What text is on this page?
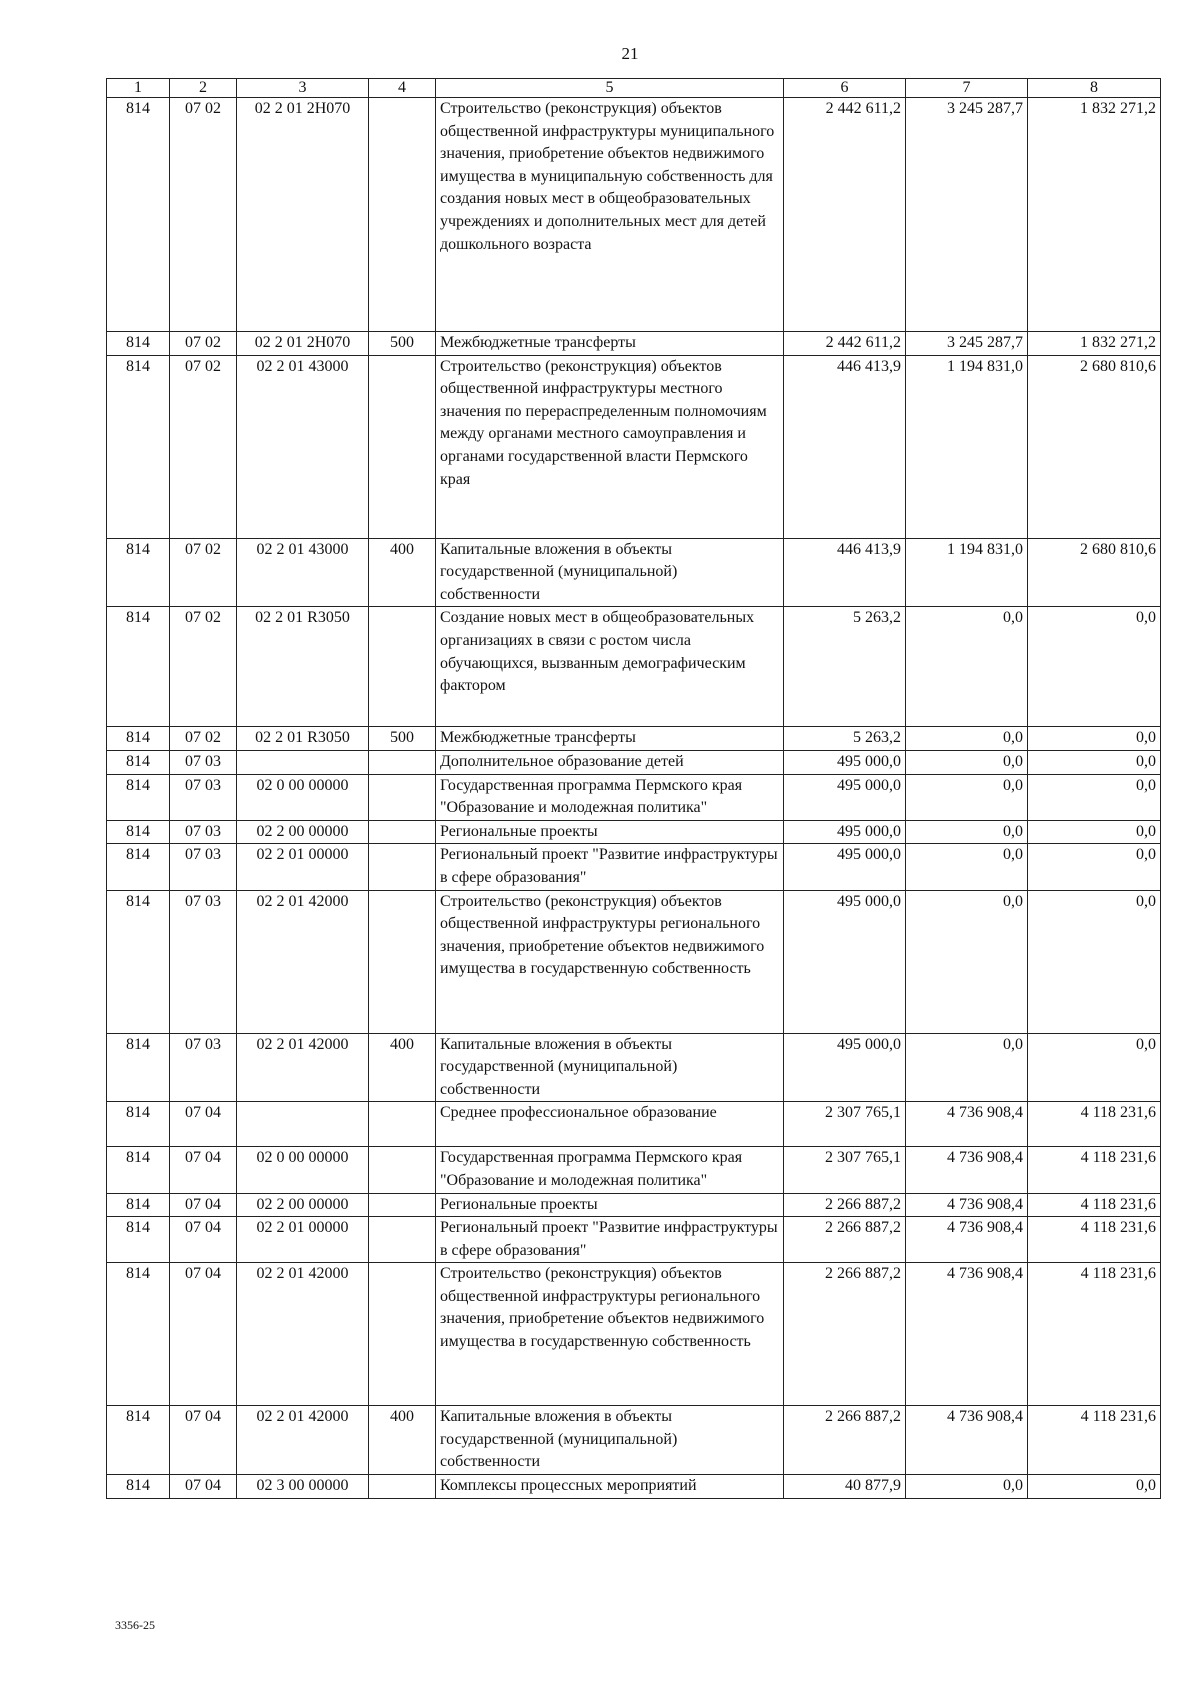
21
1	2	3	4	5	6	7	8
814	07 02	02 2 01 2Н070		Строительство (реконструкция) объектов общественной инфраструктуры муниципального значения, приобретение объектов недвижимого имущества в муниципальную собственность для создания новых мест в общеобразовательных учреждениях и дополнительных мест для детей дошкольного возраста	2 442 611,2	3 245 287,7	1 832 271,2
814	07 02	02 2 01 2Н070	500	Межбюджетные трансферты	2 442 611,2	3 245 287,7	1 832 271,2
814	07 02	02 2 01 43000		Строительство (реконструкция) объектов общественной инфраструктуры местного значения по перераспределенным полномочиям между органами местного самоуправления и органами государственной власти Пермского края	446 413,9	1 194 831,0	2 680 810,6
814	07 02	02 2 01 43000	400	Капитальные вложения в объекты государственной (муниципальной) собственности	446 413,9	1 194 831,0	2 680 810,6
814	07 02	02 2 01 R3050		Создание новых мест в общеобразовательных организациях в связи с ростом числа обучающихся, вызванным демографическим фактором	5 263,2	0,0	0,0
814	07 02	02 2 01 R3050	500	Межбюджетные трансферты	5 263,2	0,0	0,0
814	07 03			Дополнительное образование детей	495 000,0	0,0	0,0
814	07 03	02 0 00 00000		Государственная программа Пермского края "Образование и молодежная политика"	495 000,0	0,0	0,0
814	07 03	02 2 00 00000		Региональные проекты	495 000,0	0,0	0,0
814	07 03	02 2 01 00000		Региональный проект "Развитие инфраструктуры в сфере образования"	495 000,0	0,0	0,0
814	07 03	02 2 01 42000		Строительство (реконструкция) объектов общественной инфраструктуры регионального значения, приобретение объектов недвижимого имущества в государственную собственность	495 000,0	0,0	0,0
814	07 03	02 2 01 42000	400	Капитальные вложения в объекты государственной (муниципальной) собственности	495 000,0	0,0	0,0
814	07 04			Среднее профессиональное образование	2 307 765,1	4 736 908,4	4 118 231,6
814	07 04	02 0 00 00000		Государственная программа Пермского края "Образование и молодежная политика"	2 307 765,1	4 736 908,4	4 118 231,6
814	07 04	02 2 00 00000		Региональные проекты	2 266 887,2	4 736 908,4	4 118 231,6
814	07 04	02 2 01 00000		Региональный проект "Развитие инфраструктуры в сфере образования"	2 266 887,2	4 736 908,4	4 118 231,6
814	07 04	02 2 01 42000		Строительство (реконструкция) объектов общественной инфраструктуры регионального значения, приобретение объектов недвижимого имущества в государственную собственность	2 266 887,2	4 736 908,4	4 118 231,6
814	07 04	02 2 01 42000	400	Капитальные вложения в объекты государственной (муниципальной) собственности	2 266 887,2	4 736 908,4	4 118 231,6
814	07 04	02 3 00 00000		Комплексы процессных мероприятий	40 877,9	0,0	0,0
3356-25
